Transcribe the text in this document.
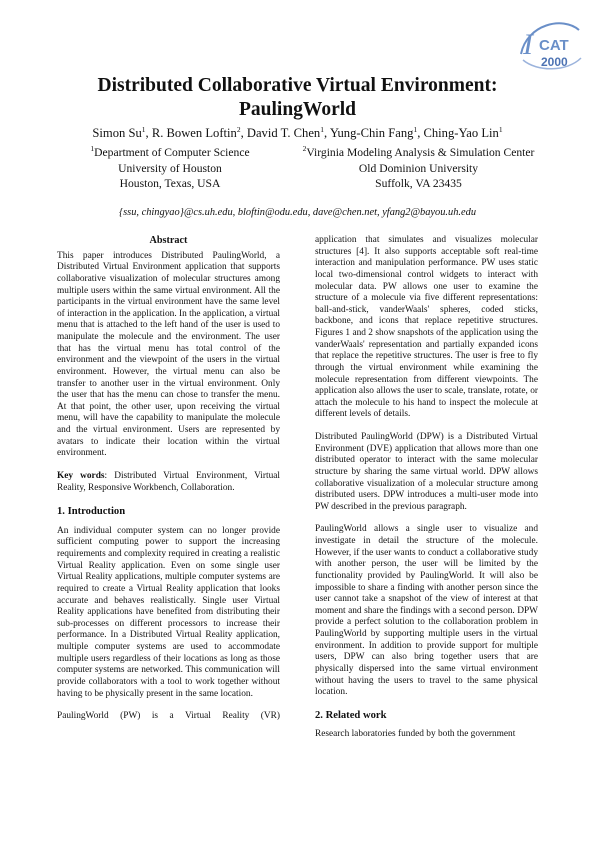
I CAT
2000
Distributed Collaborative Virtual Environment:
PaulingWorld
Simon Su$^1$, R. Bowen Loftin$^2$, David T. Chen$^1$, Yung-Chin Fang$^1$, Ching-Yao Lin$^1$
$^1$Department of Computer Science
University of Houston
Houston, Texas, USA
$^2$Virginia Modeling Analysis & Simulation Center
Old Dominion University
Suffolk, VA 23435
{ssu, chingyao}@cs.uh.edu, bloftin@odu.edu, dave@chen.net, yfang2@bayou.uh.edu
Abstract

This paper introduces Distributed PaulingWorld, a Distributed Virtual Environment application that supports collaborative visualization of molecular structures among multiple users within the same virtual environment. All the participants in the virtual environment have the same level of interaction in the application. In the application, a virtual menu that is attached to the left hand of the user is used to manipulate the molecule and the environment. The user that has the virtual menu has total control of the environment and the viewpoint of the users in the virtual environment. However, the virtual menu can also be transfer to another user in the virtual environment. Only the user that has the menu can chose to transfer the menu. At that point, the other user, upon receiving the virtual menu, will have the capability to manipulate the molecule and the virtual environment. Users are represented by avatars to indicate their location within the virtual environment.

Key words: Distributed Virtual Environment, Virtual Reality, Responsive Workbench, Collaboration.

1. Introduction

An individual computer system can no longer provide sufficient computing power to support the increasing requirements and complexity required in creating a realistic Virtual Reality application. Even on some single user Virtual Reality applications, multiple computer systems are required to create a Virtual Reality application that looks accurate and behaves realistically. Single user Virtual Reality applications have benefited from distributing their sub-processes on different processors to increase their performance. In a Distributed Virtual Reality application, multiple computer systems are used to accommodate multiple users regardless of their locations as long as those computer systems are networked. This communication will provide collaborators with a tool to work together without having to be physically present in the same location.

PaulingWorld (PW) is a Virtual Reality (VR)

application that simulates and visualizes molecular structures [4]. It also supports acceptable soft real-time interaction and manipulation performance. PW uses static local two-dimensional control widgets to interact with molecular data. PW allows one user to examine the structure of a molecule via five different representations: ball-and-stick, vanderWaals' spheres, coded sticks, backbone, and icons that replace repetitive structures. Figures 1 and 2 show snapshots of the application using the vanderWaals' representation and partially expanded icons that replace the repetitive structures. The user is free to fly through the virtual environment while examining the molecule representation from different viewpoints. The application also allows the user to scale, translate, rotate, or attach the molecule to his hand to inspect the molecule at different levels of details.

Distributed PaulingWorld (DPW) is a Distributed Virtual Environment (DVE) application that allows more than one distributed operator to interact with the same molecular structure by sharing the same virtual world. DPW allows collaborative visualization of a molecular structure among distributed users. DPW introduces a multi-user mode into PW described in the previous paragraph.

PaulingWorld allows a single user to visualize and investigate in detail the structure of the molecule. However, if the user wants to conduct a collaborative study with another person, the user will be limited by the functionality provided by PaulingWorld. It will also be impossible to share a finding with another person since the user cannot take a snapshot of the view of interest at that moment and share the findings with a second person. DPW provide a perfect solution to the collaboration problem in PaulingWorld by supporting multiple users in the virtual environment. In addition to provide support for multiple users, DPW can also bring together users that are physically dispersed into the same virtual environment without having the users to travel to the same physical location.

2. Related work

Research laboratories funded by both the government
